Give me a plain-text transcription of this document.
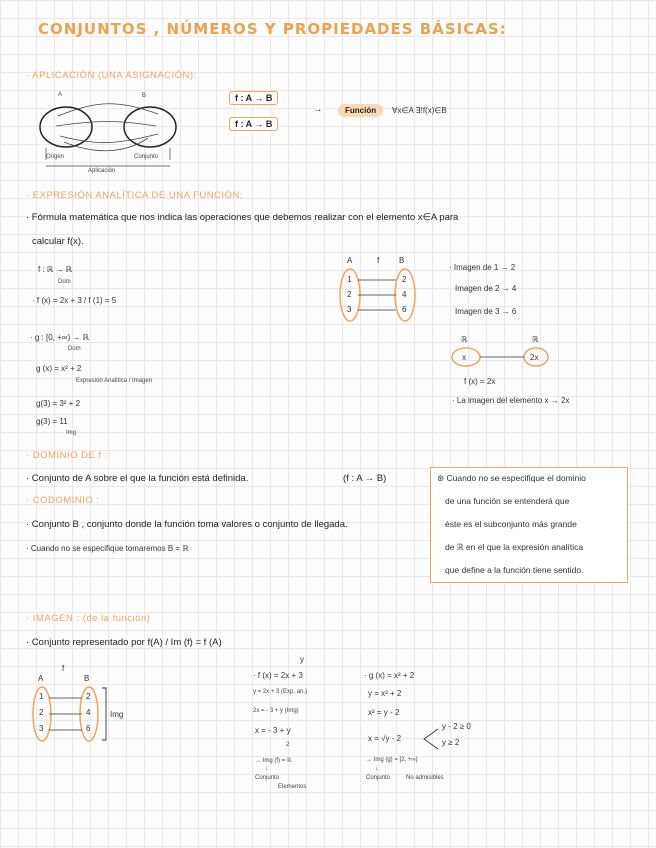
CONJUNTOS , NÚMEROS Y PROPIEDADES BÁSICAS:
· APLICACIÓN (UNA ASIGNACIÓN):
A	B
Origen	Conjunto
Aplicación
f : A → B
f : A → B
→	Función	∀x∈A ∃!f(x)∈B
· EXPRESIÓN ANALÍTICA DE UNA FUNCIÓN:
· Fórmula matemática que nos indica las operaciones que debemos realizar con el elemento x∈A para
calcular f(x).
f : ℝ → ℝ
Dom
· f (x) = 2x + 3 / f (1) = 5
· g : [0, +∞) → ℝ
Dom
g (x) = x² + 2
Expresión Analítica / Imagen
g(3) = 3² + 2
g(3) = 11
Img
A	f B
1
2
3
2
4
6
· Imagen de 1 → 2
Imagen de 2 → 4
Imagen de 3 → 6
ℝ	ℝ
x	2x
f (x) = 2x
· La imagen del elemento x → 2x
· DOMINIO DE f :
· Conjunto de A sobre el que la función está definida.	(f : A → B)
· CODOMINIO :
· Conjunto B , conjunto donde la función toma valores o conjunto de llegada.
· Cuando no se especifique tomaremos B = ℝ
⊛ Cuando no se especifique el dominio
de una función se entenderá que
éste es el subconjunto más grande
de ℝ en el que la expresión analítica
que define a la función tiene sentido.
· IMAGEN : (de la función)
· Conjunto representado por f(A) / Im (f) = f (A)
f
A	B
1
2
3
2
4
6
Img
y
· f (x) = 2x + 3
y = 2x + 3 (Exp. an.)
2x = - 3 + y (Img)
x = - 3 + y
2
→ Img (f) = ℝ
↓
Conjunto
Elementos
· g (x) = x² + 2
y = x² + 2
x² = y - 2
x = √y - 2
y - 2 ≥ 0
y ≥ 2
→ Img (g) = [2, +∞)
↓
Conjunto	No admisibles
